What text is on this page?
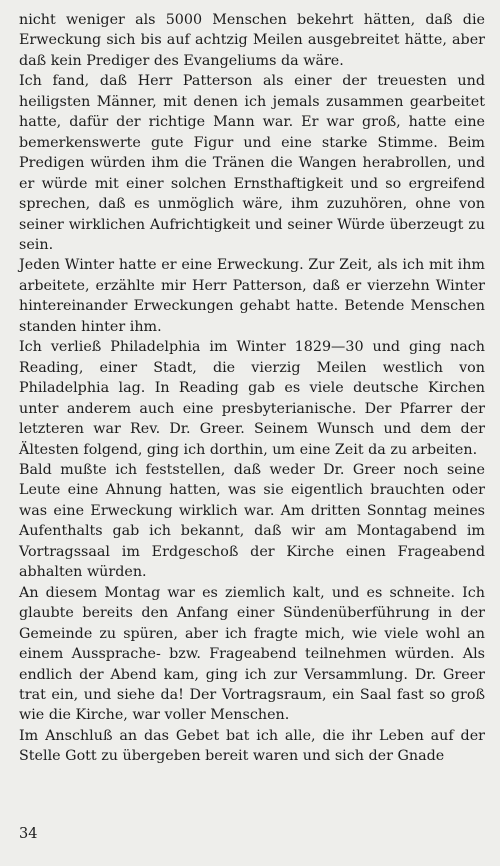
nicht weniger als 5000 Menschen bekehrt hätten, daß die Erweckung sich bis auf achtzig Meilen ausgebreitet hätte, aber daß kein Prediger des Evangeliums da wäre.

Ich fand, daß Herr Patterson als einer der treuesten und heiligsten Männer, mit denen ich jemals zusammen gearbeitet hatte, dafür der richtige Mann war. Er war groß, hatte eine bemerkenswerte gute Figur und eine starke Stimme. Beim Predigen würden ihm die Tränen die Wangen herabrollen, und er würde mit einer solchen Ernsthaftigkeit und so ergreifend sprechen, daß es unmöglich wäre, ihm zuzuhören, ohne von seiner wirklichen Aufrichtigkeit und seiner Würde überzeugt zu sein.

Jeden Winter hatte er eine Erweckung. Zur Zeit, als ich mit ihm arbeitete, erzählte mir Herr Patterson, daß er vierzehn Winter hintereinander Erweckungen gehabt hatte. Betende Menschen standen hinter ihm.

Ich verließ Philadelphia im Winter 1829—30 und ging nach Reading, einer Stadt, die vierzig Meilen westlich von Philadelphia lag. In Reading gab es viele deutsche Kirchen unter anderem auch eine presbyterianische. Der Pfarrer der letzteren war Rev. Dr. Greer. Seinem Wunsch und dem der Ältesten folgend, ging ich dorthin, um eine Zeit da zu arbeiten.

Bald mußte ich feststellen, daß weder Dr. Greer noch seine Leute eine Ahnung hatten, was sie eigentlich brauchten oder was eine Erweckung wirklich war. Am dritten Sonntag meines Aufenthalts gab ich bekannt, daß wir am Montagabend im Vortragssaal im Erdgeschoß der Kirche einen Frageabend abhalten würden.

An diesem Montag war es ziemlich kalt, und es schneite. Ich glaubte bereits den Anfang einer Sündenüberführung in der Gemeinde zu spüren, aber ich fragte mich, wie viele wohl an einem Aussprache- bzw. Frageabend teilnehmen würden. Als endlich der Abend kam, ging ich zur Versammlung. Dr. Greer trat ein, und siehe da! Der Vortragsraum, ein Saal fast so groß wie die Kirche, war voller Menschen.

Im Anschluß an das Gebet bat ich alle, die ihr Leben auf der Stelle Gott zu übergeben bereit waren und sich der Gnade

34
